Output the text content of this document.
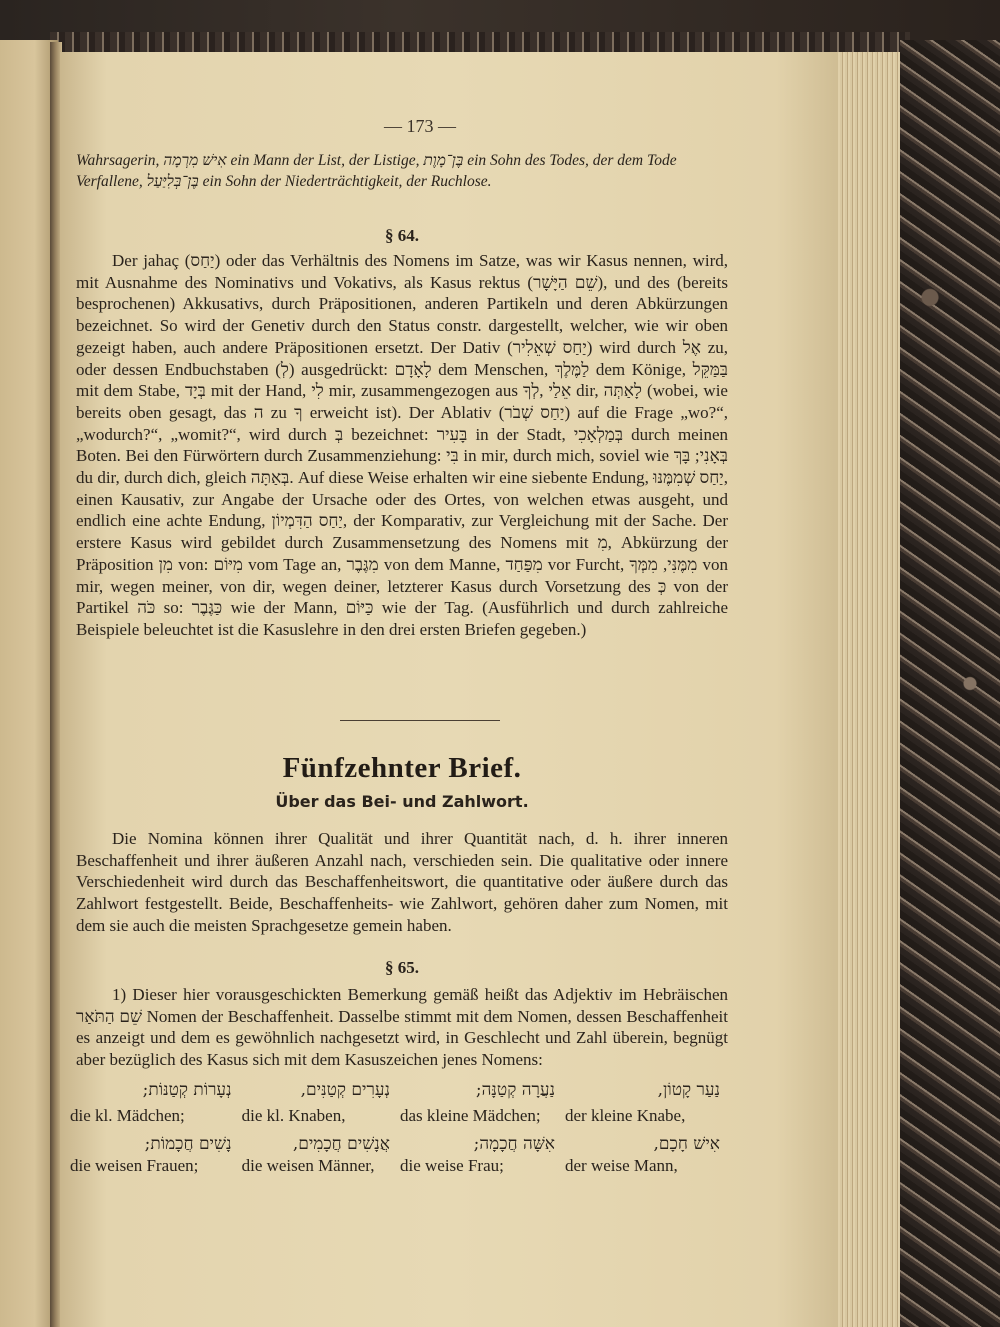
— 173 —
Wahrsagerin, אִישׁ מִרְמָה ein Mann der List, der Listige, בֶּן־מָוֶת ein Sohn des Todes, der dem Tode Verfallene, בֶּן־בְּלִיַּעַל ein Sohn der Niederträchtigkeit, der Ruchlose.
§ 64.

Der jahaç (יַחַס) oder das Verhältnis des Nomens im Satze, was wir Kasus nennen, wird, mit Ausnahme des Nominativs und Vokativs, als Kasus rektus (שֵׁם הַיָּשָׁר), und des (bereits besprochenen) Akkusativs, durch Präpositionen, anderen Partikeln und deren Abkürzungen bezeichnet. So wird der Genetiv durch den Status constr. dargestellt, welcher, wie wir oben gezeigt haben, auch andere Präpositionen ersetzt. Der Dativ (יַחַס שְׁאֵלִיר) wird durch אֶל zu, oder dessen Endbuchstaben (לְ) ausgedrückt: לָאָדָם dem Menschen, לַמֶּלֶךְ dem Könige, בַּמַּקֵּל mit dem Stabe, בְּיָד mit der Hand, לִי mir, zusammengezogen aus אֵלַי ,לְךָ dir, לָאַתְּה (wobei, wie bereits oben gesagt, das ה zu ךָ erweicht ist). Der Ablativ (יַחַס שְׁבֹר) auf die Frage „wo?“, „wodurch?“, „womit?“, wird durch בְּ bezeichnet: בָּעִיר in der Stadt, בְּמַלְאָכִי durch meinen Boten. Bei den Fürwörtern durch Zusammenziehung: בִּי in mir, durch mich, soviel wie בְּאָנִי; בָּךְ du dir, durch dich, gleich בְּאַתָּה. Auf diese Weise erhalten wir eine siebente Endung, יַחַס שְׁמִמֶּנּוּ, einen Kausativ, zur Angabe der Ursache oder des Ortes, von welchen etwas ausgeht, und endlich eine achte Endung, יַחַס הַדִּמְיוֹן, der Komparativ, zur Vergleichung mit der Sache. Der erstere Kasus wird gebildet durch Zusammensetzung des Nomens mit מִ, Abkürzung der Präposition מִן von: מִיּוֹם vom Tage an, מִגֶּבֶר von dem Manne, מִפַּחַד vor Furcht, מִמֶּנִּי, מִמְּךָ von mir, wegen meiner, von dir, wegen deiner, letzterer Kasus durch Vorsetzung des כְּ von der Partikel כֹּה so: כַּגֶּבֶר wie der Mann, כַּיּוֹם wie der Tag. (Ausführlich und durch zahlreiche Beispiele beleuchtet ist die Kasuslehre in den drei ersten Briefen gegeben.)

Fünfzehnter Brief.
Über das Bei- und Zahlwort.

Die Nomina können ihrer Qualität und ihrer Quantität nach, d. h. ihrer inneren Beschaffenheit und ihrer äußeren Anzahl nach, verschieden sein. Die qualitative oder innere Verschiedenheit wird durch das Beschaffenheitswort, die quantitative oder äußere durch das Zahlwort festgestellt. Beide, Beschaffenheits- wie Zahlwort, gehören daher zum Nomen, mit dem sie auch die meisten Sprachgesetze gemein haben.

§ 65.

1) Dieser hier vorausgeschickten Bemerkung gemäß heißt das Adjektiv im Hebräischen שֵׁם הַתֹּאַר Nomen der Beschaffenheit. Dasselbe stimmt mit dem Nomen, dessen Beschaffenheit es anzeigt und dem es gewöhnlich nachgesetzt wird, in Geschlecht und Zahl überein, begnügt aber bezüglich des Kasus sich mit dem Kasuszeichen jenes Nomens:

נְעָרוֹת קְטַנּוֹת;	נְעָרִים קְטַנִּים,	נַעֲרָה קְטַנָּה;	נַעַר קָטוֹן,
die kl. Mädchen;	die kl. Knaben,	das kleine Mädchen;	der kleine Knabe,
נָשִׁים חֲכָמוֹת;	אֲנָשִׁים חֲכָמִים,	אִשָּׁה חֲכָמָה;	אִישׁ חָכָם,
die weisen Frauen;	die weisen Männer,	die weise Frau;	der weise Mann,
